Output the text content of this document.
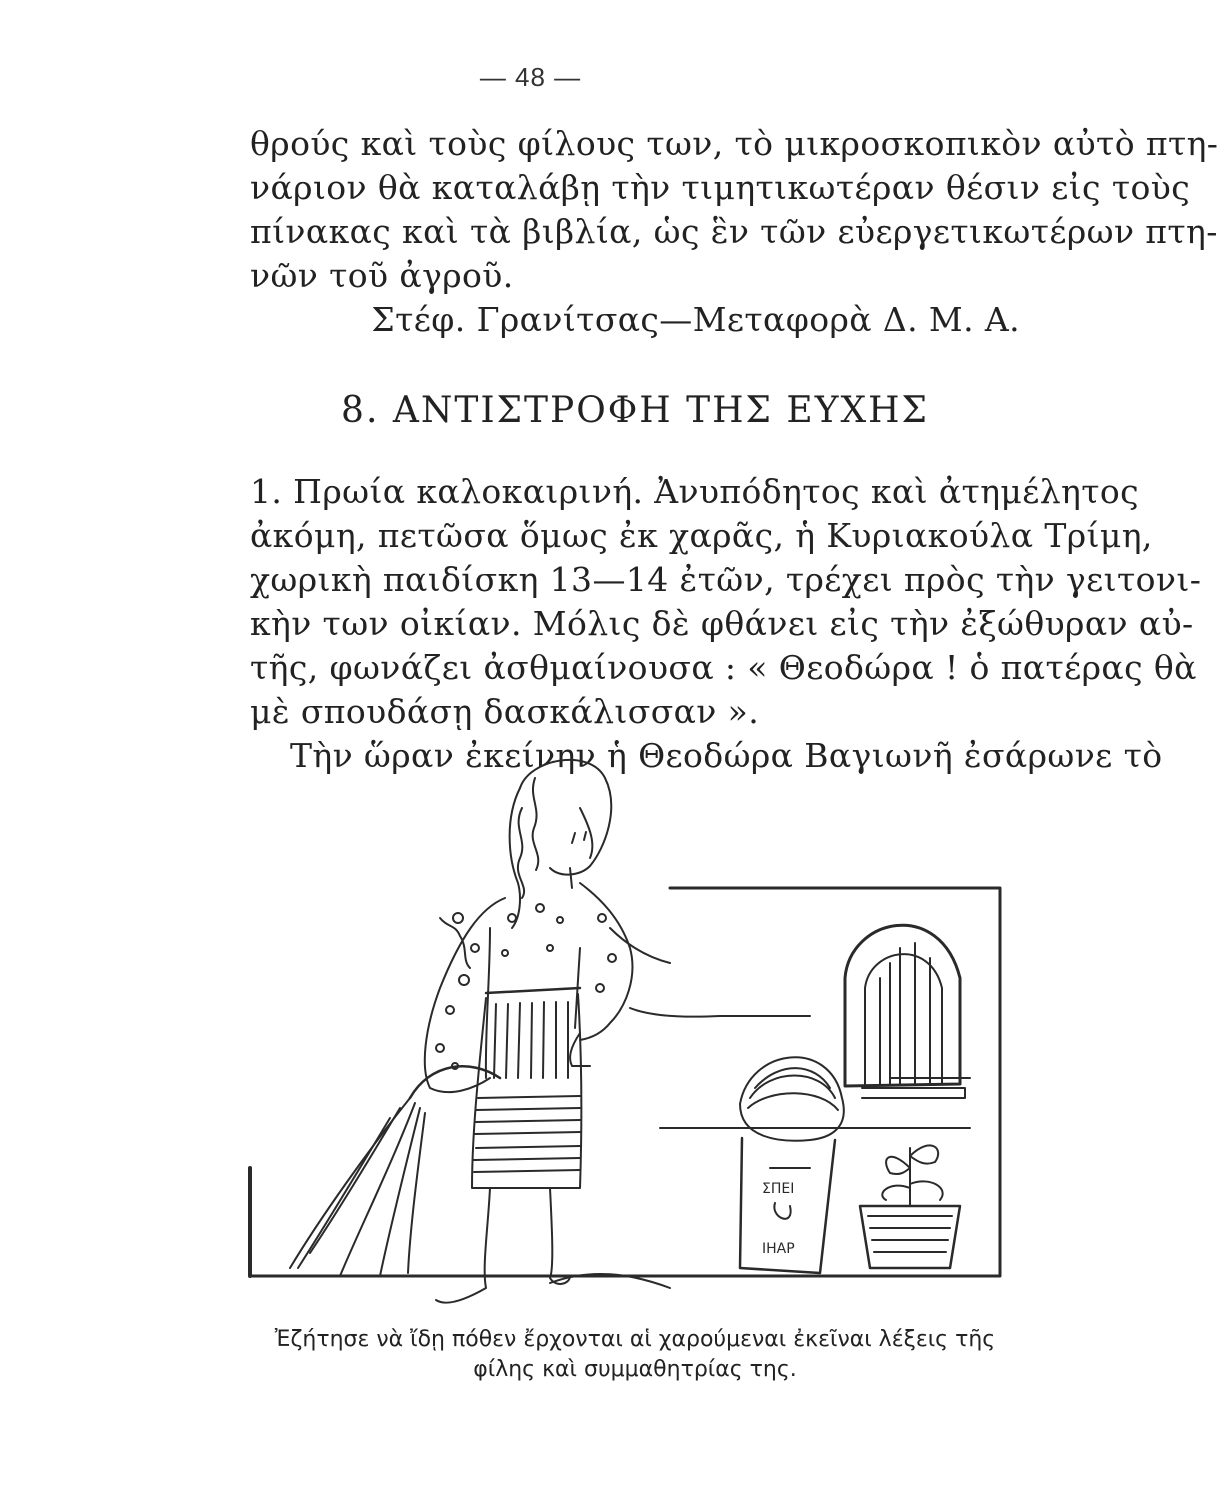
— 48 —
θρούς καὶ τοὺς φίλους των, τὸ μικροσκοπικὸν αὐτὸ πτη-
νάριον θὰ καταλάβῃ τὴν τιμητικωτέραν θέσιν εἰς τοὺς
πίνακας καὶ τὰ βιβλία, ὡς ἓν τῶν εὐεργετικωτέρων πτη-
νῶν τοῦ ἀγροῦ.
Στέφ. Γρανίτσας—Μεταφορὰ Δ. Μ. Α.
8. ΑΝΤΙΣΤΡΟΦΗ ΤΗΣ ΕΥΧΗΣ
1. Πρωία καλοκαιρινή. Ἀνυπόδητος καὶ ἀτημέλητος
ἀκόμη, πετῶσα ὅμως ἐκ χαρᾶς, ἡ Κυριακούλα Τρίμη,
χωρικὴ παιδίσκη 13—14 ἐτῶν, τρέχει πρὸς τὴν γειτονι-
κὴν των οἰκίαν. Μόλις δὲ φθάνει εἰς τὴν ἐξώθυραν αὐ-
τῆς, φωνάζει ἀσθμαίνουσα : « Θεοδώρα ! ὁ πατέρας θὰ
μὲ σπουδάσῃ δασκάλισσαν ».
Τὴν ὥραν ἐκείνην ἡ Θεοδώρα Βαγιωνῆ ἐσάρωνε τὸ
ΣΠΕΙ
ΙΗΑΡ
Ἐζήτησε νὰ ἴδῃ πόθεν ἔρχονται αἱ χαρούμεναι ἐκεῖναι λέξεις τῆς
φίλης καὶ συμμαθητρίας της.
